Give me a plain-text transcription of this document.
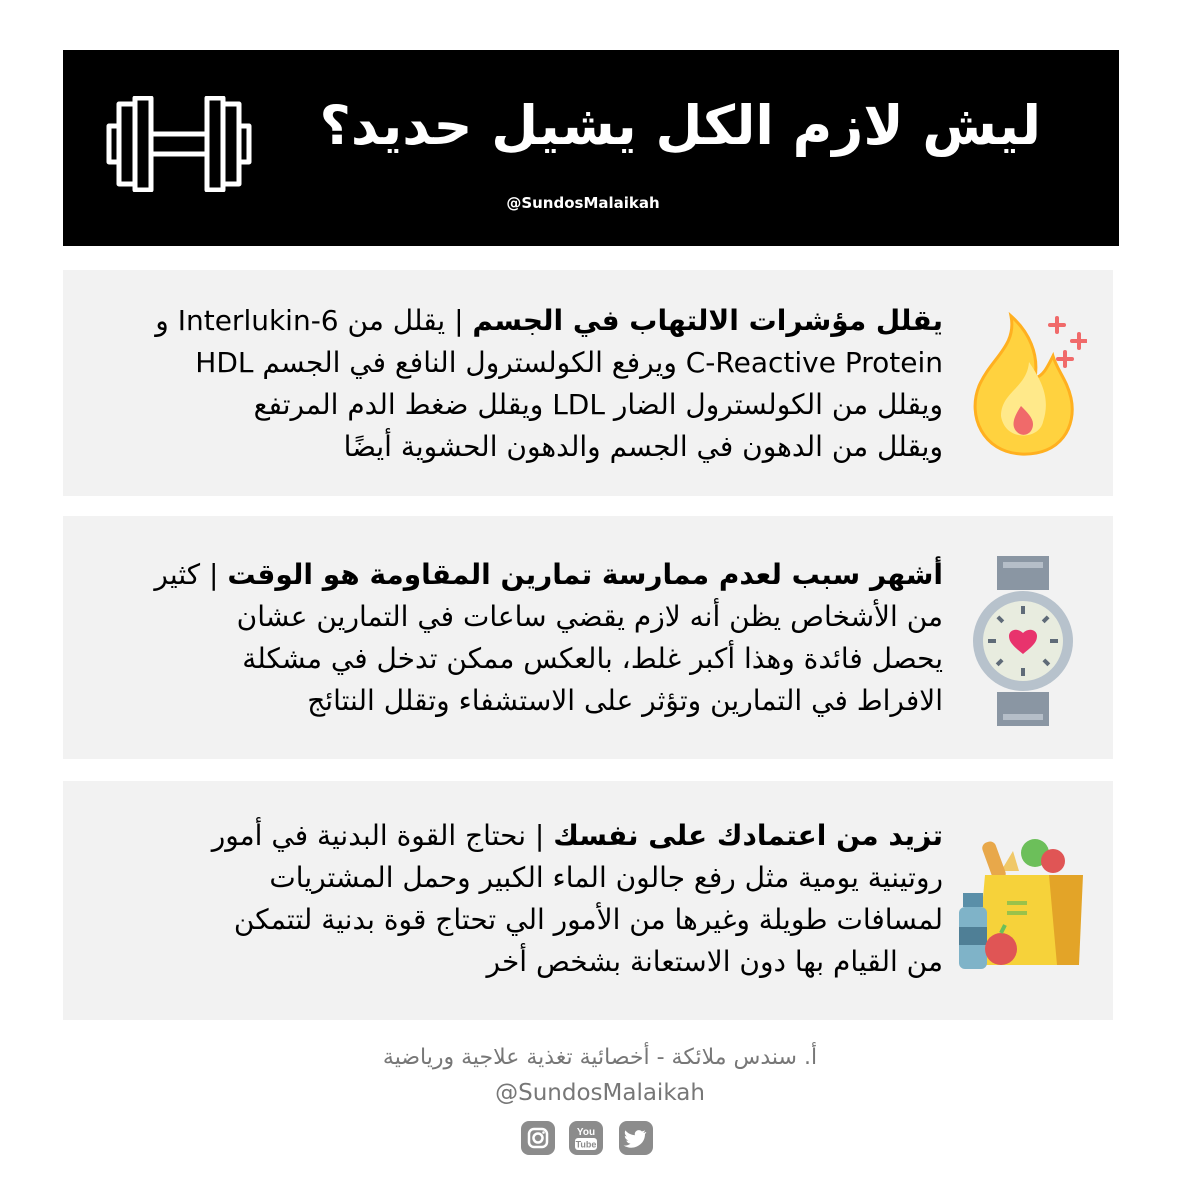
ليش لازم الكل يشيل حديد؟
@SundosMalaikah
يقلل مؤشرات الالتهاب في الجسم | يقلل من Interlukin-6 و
C-Reactive Protein ويرفع الكولسترول النافع في الجسم HDL
ويقلل من الكولسترول الضار LDL ويقلل ضغط الدم المرتفع
ويقلل من الدهون في الجسم والدهون الحشوية أيضًا
أشهر سبب لعدم ممارسة تمارين المقاومة هو الوقت | كثير
من الأشخاص يظن أنه لازم يقضي ساعات في التمارين عشان
يحصل فائدة وهذا أكبر غلط، بالعكس ممكن تدخل في مشكلة
الافراط في التمارين وتؤثر على الاستشفاء وتقلل النتائج
تزيد من اعتمادك على نفسك | نحتاج القوة البدنية في أمور
روتينية يومية مثل رفع جالون الماء الكبير وحمل المشتريات
لمسافات طويلة وغيرها من الأمور الي تحتاج قوة بدنية لتتمكن
من القيام بها دون الاستعانة بشخص أخر
أ. سندس ملائكة - أخصائية تغذية علاجية ورياضية
@SundosMalaikah
You
Tube
